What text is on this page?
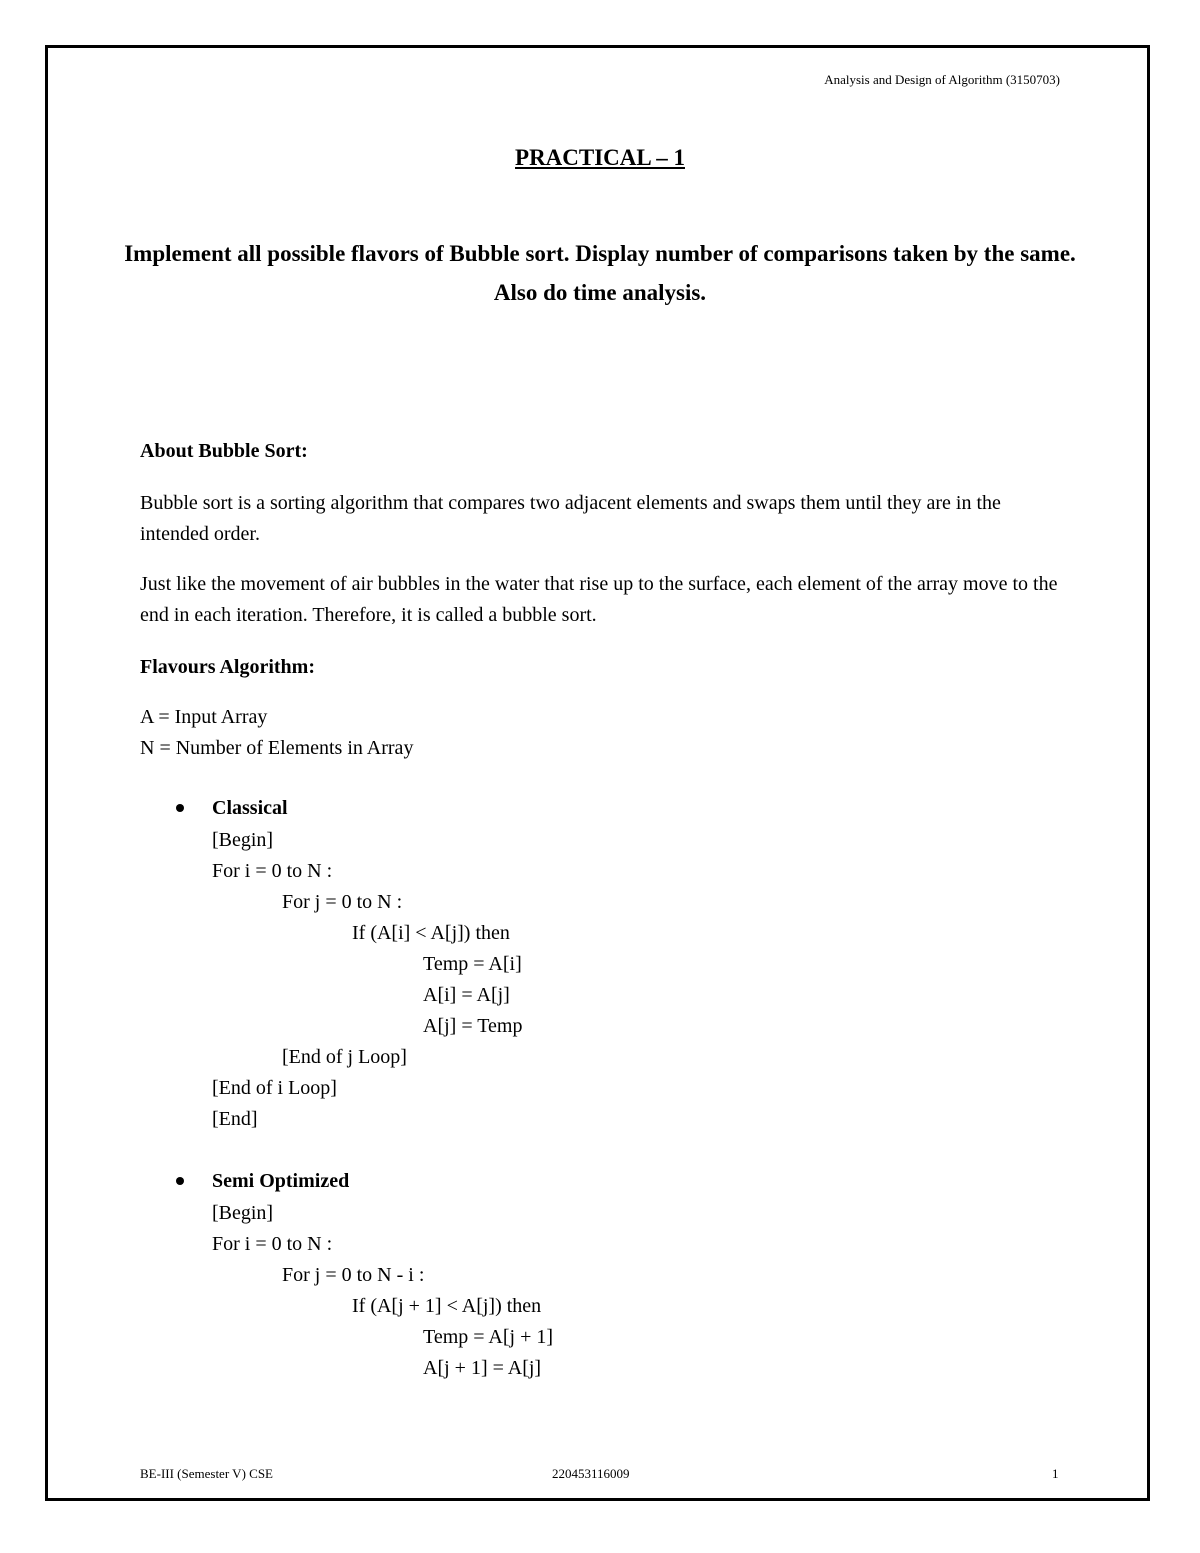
Analysis and Design of Algorithm (3150703)
PRACTICAL – 1
Implement all possible flavors of Bubble sort. Display number of comparisons taken by the same. Also do time analysis.
About Bubble Sort:
Bubble sort is a sorting algorithm that compares two adjacent elements and swaps them until they are in the intended order.
Just like the movement of air bubbles in the water that rise up to the surface, each element of the array move to the end in each iteration. Therefore, it is called a bubble sort.
Flavours Algorithm:
A = Input Array
N = Number of Elements in Array
Classical
[Begin]
For i = 0 to N :
For j = 0 to N :
If (A[i] < A[j]) then
Temp = A[i]
A[i] = A[j]
A[j] = Temp
[End of j Loop]
[End of i Loop]
[End]
Semi Optimized
[Begin]
For i = 0 to N :
For j = 0 to N - i :
If (A[j + 1] < A[j]) then
Temp = A[j + 1]
A[j + 1] = A[j]
BE-III (Semester V) CSE	220453116009	1
